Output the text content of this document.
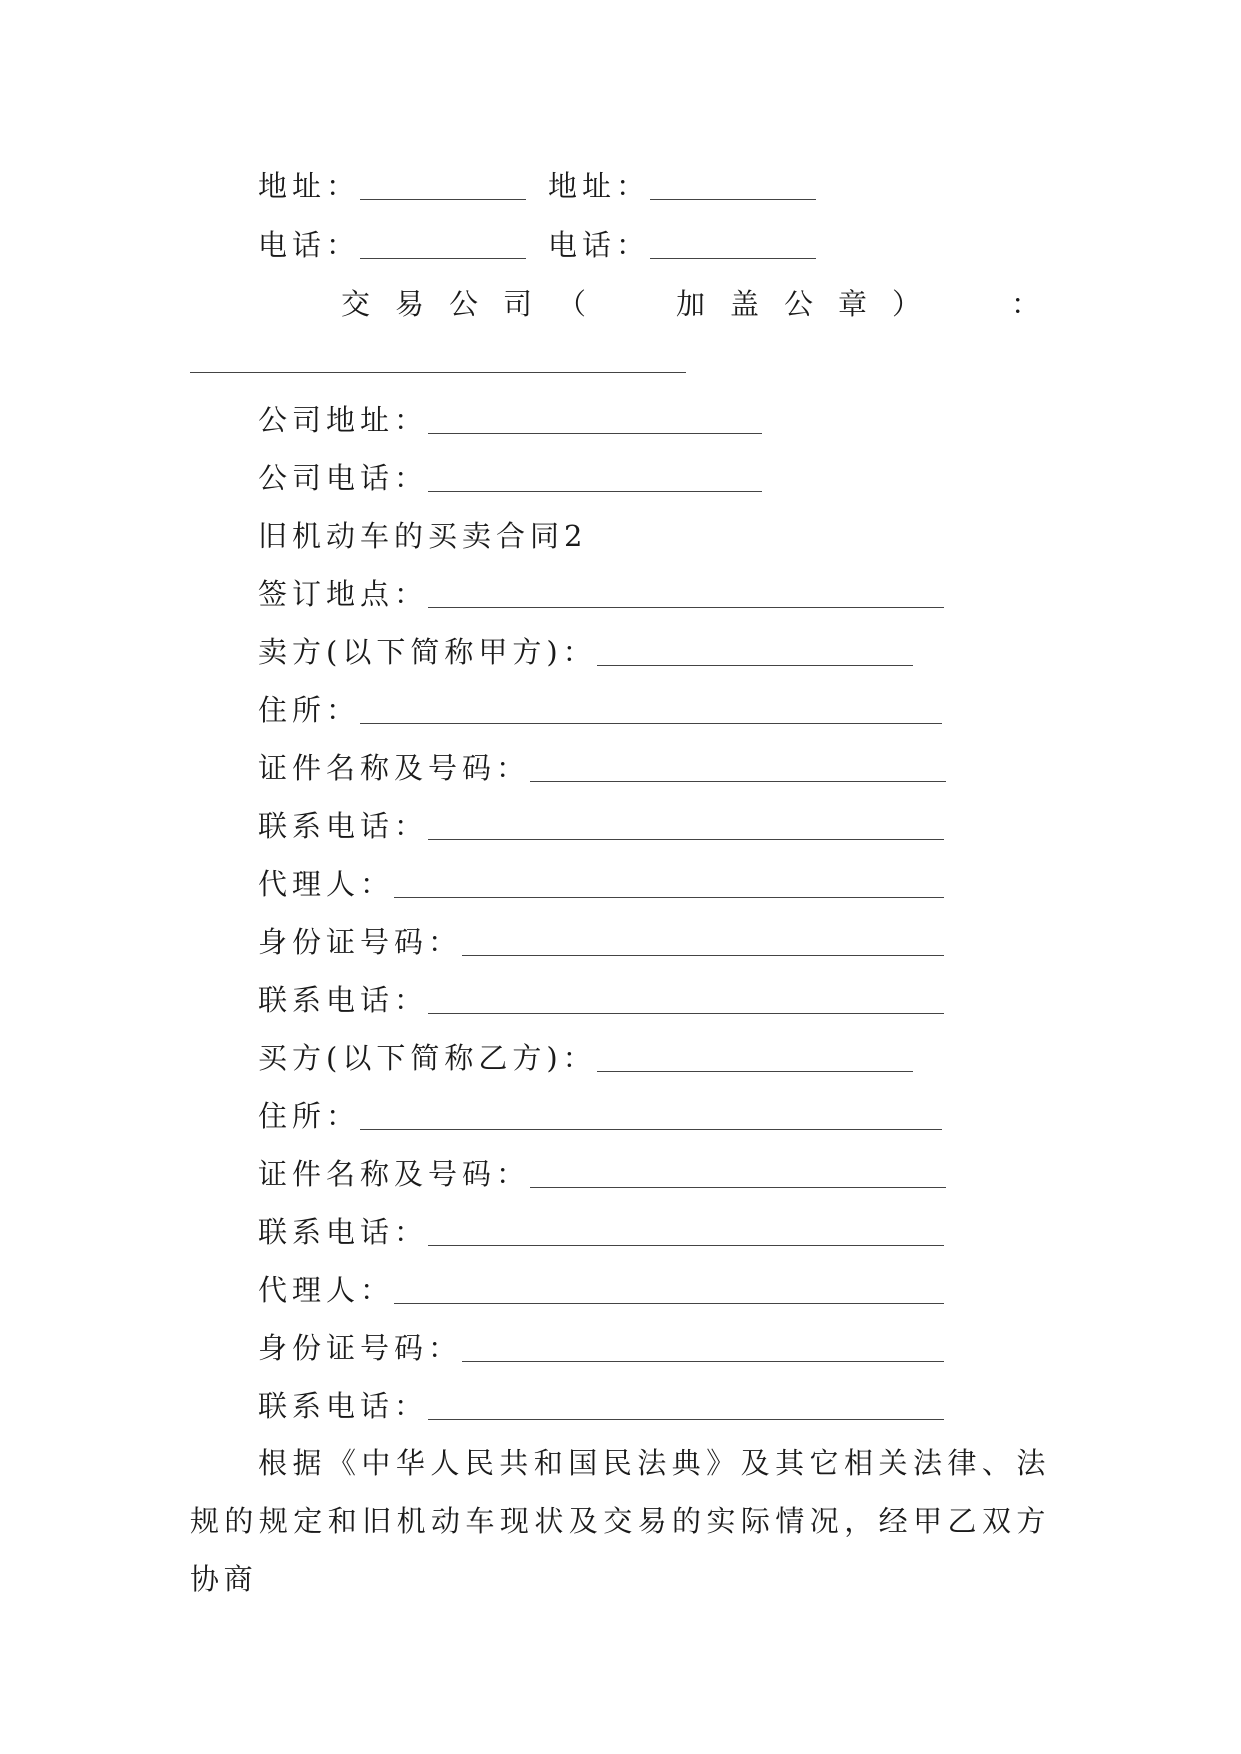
地址：	地址：
电话：	电话：
交 易 公 司 （	加 盖 公 章 ）	：
公司地址：
公司电话：
旧机动车的买卖合同2
签订地点：
卖方(以下简称甲方)：
住所：
证件名称及号码：
联系电话：
代理人：
身份证号码：
联系电话：
买方(以下简称乙方)：
住所：
证件名称及号码：
联系电话：
代理人：
身份证号码：
联系电话：
根据《中华人民共和国民法典》及其它相关法律、法规的规定和旧机动车现状及交易的实际情况，经甲乙双方协商
